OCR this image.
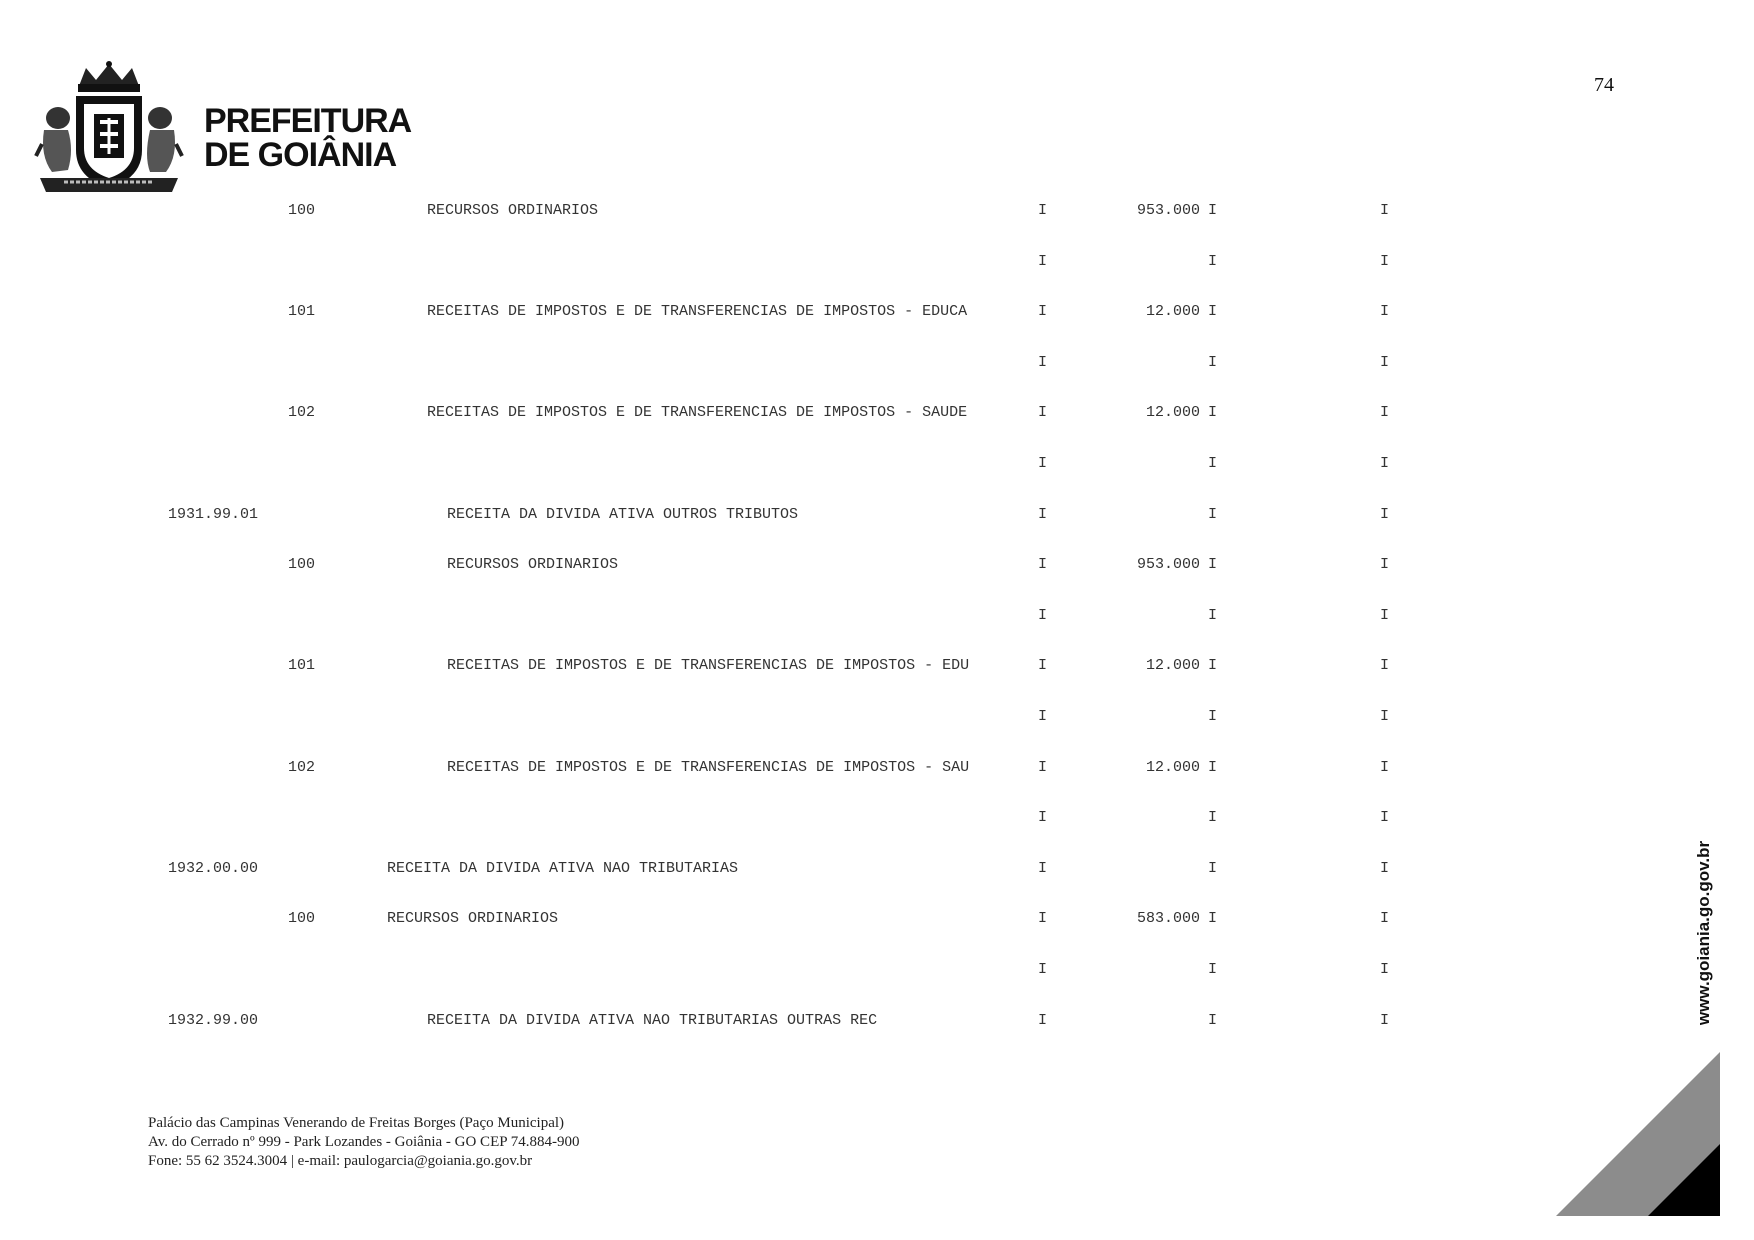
74
PREFEITURA
DE GOIÂNIA
100	RECURSOS ORDINARIOS	I	953.000 I	I
I	I	I
101	RECEITAS DE IMPOSTOS E DE TRANSFERENCIAS DE IMPOSTOS - EDUCA	I	12.000 I	I
I	I	I
102	RECEITAS DE IMPOSTOS E DE TRANSFERENCIAS DE IMPOSTOS - SAUDE	I	12.000 I	I
I	I	I
1931.99.01	RECEITA DA DIVIDA ATIVA OUTROS TRIBUTOS	I	I	I
100	RECURSOS ORDINARIOS	I	953.000 I	I
I	I	I
101	RECEITAS DE IMPOSTOS E DE TRANSFERENCIAS DE IMPOSTOS - EDU	I	12.000 I	I
I	I	I
102	RECEITAS DE IMPOSTOS E DE TRANSFERENCIAS DE IMPOSTOS - SAU	I	12.000 I	I
I	I	I
1932.00.00	RECEITA DA DIVIDA ATIVA NAO TRIBUTARIAS	I	I	I
100	RECURSOS ORDINARIOS	I	583.000 I	I
I	I	I
1932.99.00	RECEITA DA DIVIDA ATIVA NAO TRIBUTARIAS OUTRAS REC	I	I	I
Palácio das Campinas Venerando de Freitas Borges (Paço Municipal)
Av. do Cerrado nº 999 - Park Lozandes - Goiânia - GO CEP 74.884-900
Fone: 55 62 3524.3004 | e-mail: paulogarcia@goiania.go.gov.br
www.goiania.go.gov.br
